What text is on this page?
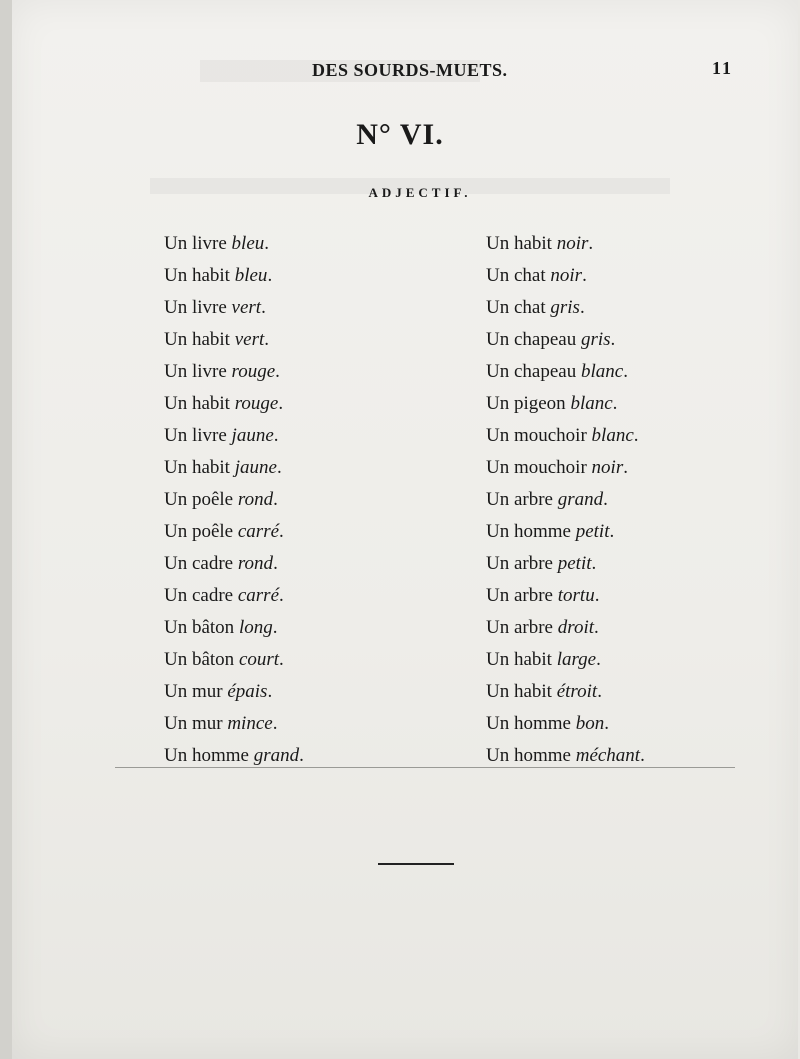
DES SOURDS-MUETS.	11
N° VI.
ADJECTIF.
Un livre bleu.
Un habit bleu.
Un livre vert.
Un habit vert.
Un livre rouge.
Un habit rouge.
Un livre jaune.
Un habit jaune.
Un poêle rond.
Un poêle carré.
Un cadre rond.
Un cadre carré.
Un bâton long.
Un bâton court.
Un mur épais.
Un mur mince.
Un homme grand.
Un habit noir.
Un chat noir.
Un chat gris.
Un chapeau gris.
Un chapeau blanc.
Un pigeon blanc.
Un mouchoir blanc.
Un mouchoir noir.
Un arbre grand.
Un homme petit.
Un arbre petit.
Un arbre tortu.
Un arbre droit.
Un habit large.
Un habit étroit.
Un homme bon.
Un homme méchant.
